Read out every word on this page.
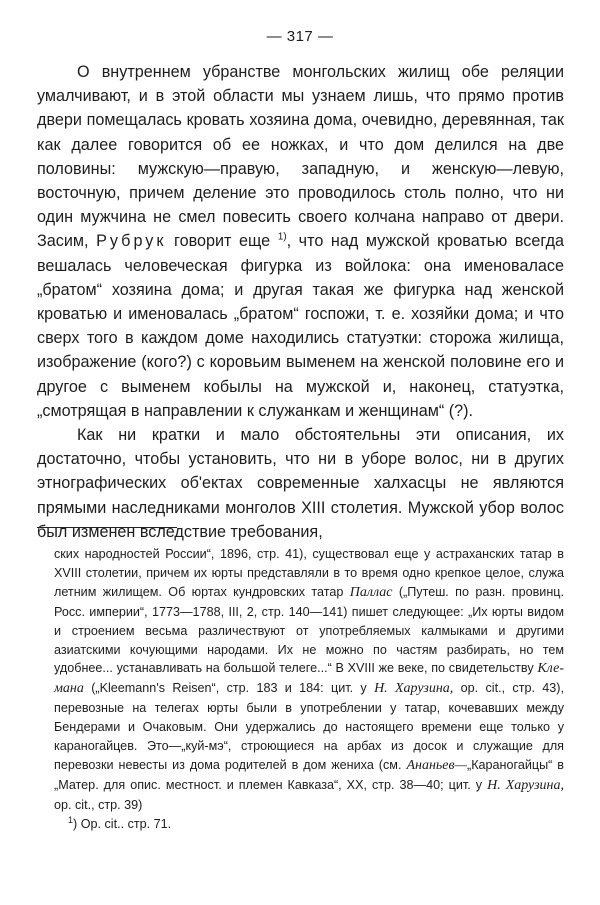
— 317 —

О внутреннем убранстве монгольских жилищ обе реляции умалчивают, и в этой области мы узнаем лишь, что прямо против двери помещалась кровать хозяина дома, очевидно, деревянная, так как далее говорится об ее ножках, и что дом делился на две половины: мужскую—правую, западную, и женскую—левую, восточную, причем деление это проводилось столь полно, что ни один мужчина не смел повесить своего колчана направо от двери. Засим, Рубрук говорит еще $^{1)}$, что над мужской кроватью всегда вешалась человеческая фигурка из войлока: она именоваласе „братом“ хозяина дома; и другая такая же фигурка над женской кроватью и именовалась „братом“ госпожи, т. е. хозяйки дома; и что сверх того в каждом доме находились статуэтки: сторожа жилища, изображение (кого?) с коровьим выменем на женской половине его и другое с выменем кобылы на мужской и, наконец, статуэтка, „смотрящая в направлении к служанкам и женщинам“ (?).

Как ни кратки и мало обстоятельны эти описания, их достаточно, чтобы установить, что ни в уборе волос, ни в других этнографических об'ектах современные халхасцы не являются прямыми наследниками монголов XIII столетия. Мужской убор волос был изменен вследствие требования,

ских народностей России“, 1896, стр. 41), существовал еще у астраханских татар в XVIII столетии, причем их юрты представляли в то время одно крепкое целое, служа летним жилищем. Об юртах кундровских татар Паллас („Путеш. по разн. провинц. Росс. империи“, 1773—1788, III, 2, стр. 140—141) пишет следующее: „Их юрты видом и строением весьма различествуют от употребляемых калмыками и другими азиатскими кочующими народами. Их не можно по частям разбирать, но тем удобнее... устанавливать на большой телеге...“ В XVIII же веке, по свидетельству Клемана („Kleemann's Reisen“, стр. 183 и 184: цит. у Н. Харузина, op. cit., стр. 43), перевозные на телегах юрты были в употреблении у татар, кочевавших между Бендерами и Очаковым. Они удержались до настоящего времени еще только у караногайцев. Это—„куй-мэ“, строющиеся на арбах из досок и служащие для перевозки невесты из дома родителей в дом жениха (см. Ананьев—„Караногайцы“ в „Матер. для опис. местност. и племен Кавказа“, XX, стр. 38—40; цит. у Н. Харузина, op. cit., стр. 39)

$^1$) Op. cit.. стр. 71.
